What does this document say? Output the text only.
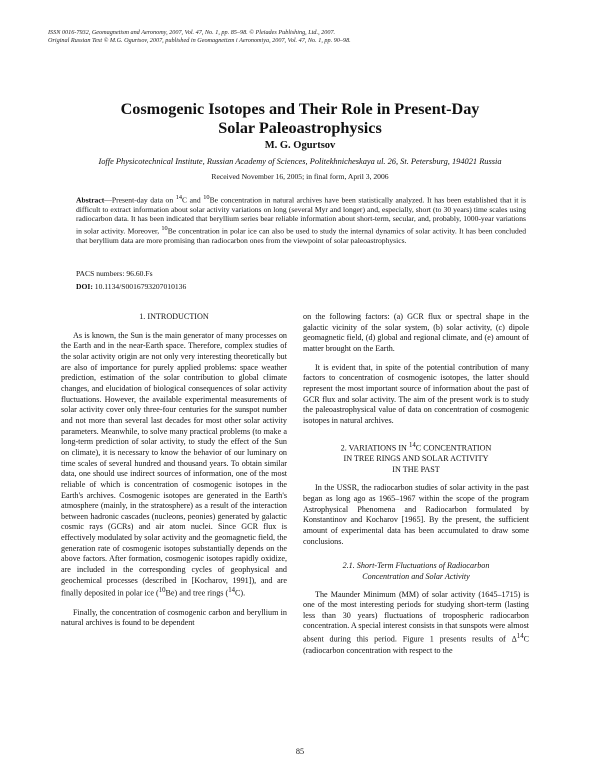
ISSN 0016-7932, Geomagnetism and Aeronomy, 2007, Vol. 47, No. 1, pp. 85–98. © Pleiades Publishing, Ltd., 2007.
Original Russian Text © M.G. Ogurtsov, 2007, published in Geomagnetizm i Aeronomiya, 2007, Vol. 47, No. 1, pp. 90–98.
Cosmogenic Isotopes and Their Role in Present-Day
Solar Paleoastrophysics
M. G. Ogurtsov
Ioffe Physicotechnical Institute, Russian Academy of Sciences, Politekhnicheskaya ul. 26, St. Petersburg, 194021 Russia
Received November 16, 2005; in final form, April 3, 2006
Abstract—Present-day data on $^{14}$C and $^{10}$Be concentration in natural archives have been statistically analyzed. It has been established that it is difficult to extract information about solar activity variations on long (several Myr and longer) and, especially, short (to 30 years) time scales using radiocarbon data. It has been indicated that beryllium series bear reliable information about short-term, secular, and, probably, 1000-year variations in solar activity. Moreover, $^{10}$Be concentration in polar ice can also be used to study the internal dynamics of solar activity. It has been concluded that beryllium data are more promising than radiocarbon ones from the viewpoint of solar paleoastrophysics.
PACS numbers: 96.60.Fs
DOI: 10.1134/S0016793207010136
1. INTRODUCTION

As is known, the Sun is the main generator of many processes on the Earth and in the near-Earth space. Therefore, complex studies of the solar activity origin are not only very interesting theoretically but are also of importance for purely applied problems: space weather prediction, estimation of the solar contribution to global climate changes, and elucidation of biological consequences of solar activity fluctuations. However, the available experimental measurements of solar activity cover only three-four centuries for the sunspot number and not more than several last decades for most other solar activity parameters. Meanwhile, to solve many practical problems (to make a long-term prediction of solar activity, to study the effect of the Sun on climate), it is necessary to know the behavior of our luminary on time scales of several hundred and thousand years. To obtain similar data, one should use indirect sources of information, one of the most reliable of which is concentration of cosmogenic isotopes in the Earth's archives. Cosmogenic isotopes are generated in the Earth's atmosphere (mainly, in the stratosphere) as a result of the interaction between hadronic cascades (nucleons, peonies) generated by galactic cosmic rays (GCRs) and air atom nuclei. Since GCR flux is effectively modulated by solar activity and the geomagnetic field, the generation rate of cosmogenic isotopes substantially depends on the above factors. After formation, cosmogenic isotopes rapidly oxidize, are included in the corresponding cycles of geophysical and geochemical processes (described in [Kocharov, 1991]), and are finally deposited in polar ice ($^{10}$Be) and tree rings ($^{14}$C).

Finally, the concentration of cosmogenic carbon and beryllium in natural archives is found to be dependent

on the following factors: (a) GCR flux or spectral shape in the galactic vicinity of the solar system, (b) solar activity, (c) dipole geomagnetic field, (d) global and regional climate, and (e) amount of matter brought on the Earth.

It is evident that, in spite of the potential contribution of many factors to concentration of cosmogenic isotopes, the latter should represent the most important source of information about the past of GCR flux and solar activity. The aim of the present work is to study the paleoastrophysical value of data on concentration of cosmogenic isotopes in natural archives.

2. VARIATIONS IN $^{14}$C CONCENTRATION
IN TREE RINGS AND SOLAR ACTIVITY
IN THE PAST

In the USSR, the radiocarbon studies of solar activity in the past began as long ago as 1965–1967 within the scope of the program Astrophysical Phenomena and Radiocarbon formulated by Konstantinov and Kocharov [1965]. By the present, the sufficient amount of experimental data has been accumulated to draw some conclusions.

2.1. Short-Term Fluctuations of Radiocarbon
Concentration and Solar Activity

The Maunder Minimum (MM) of solar activity (1645–1715) is one of the most interesting periods for studying short-term (lasting less than 30 years) fluctuations of tropospheric radiocarbon concentration. A special interest consists in that sunspots were almost absent during this period. Figure 1 presents results of $\Delta^{14}C$ (radiocarbon concentration with respect to the

85
